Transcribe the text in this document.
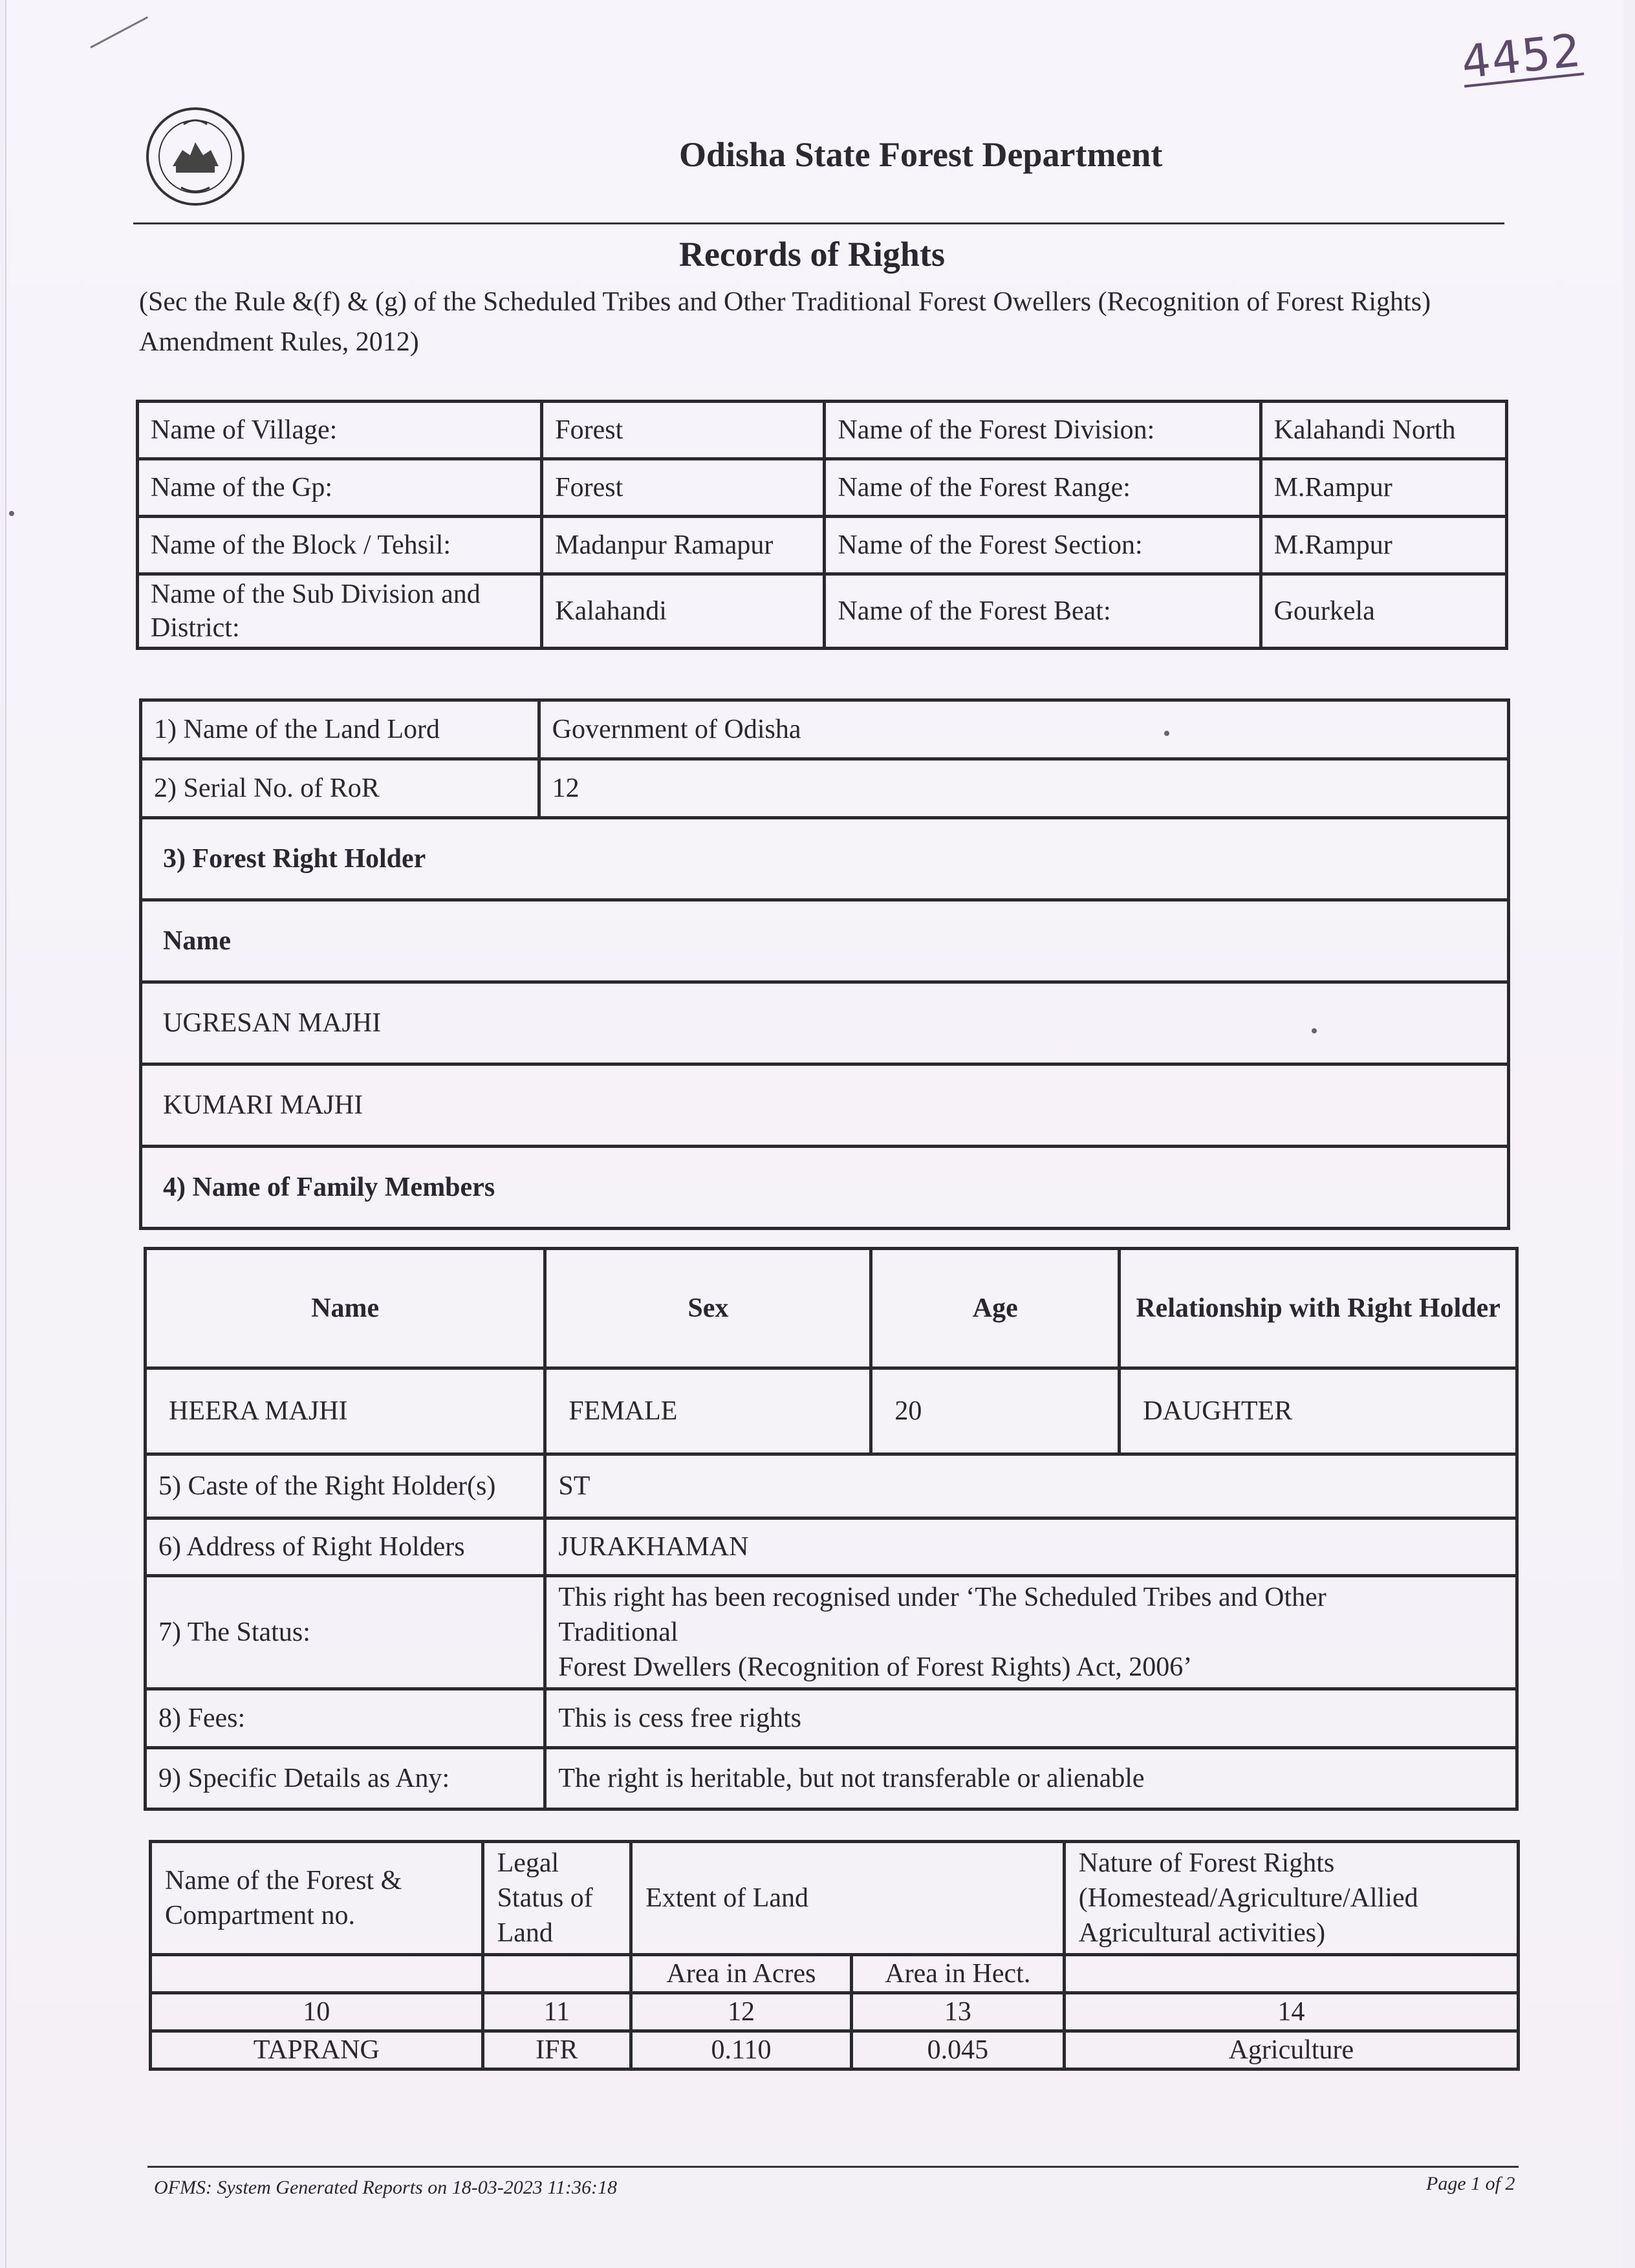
4452
Odisha State Forest Department
Records of Rights
(Sec the Rule &(f) & (g) of the Scheduled Tribes and Other Traditional Forest Owellers (Recognition of Forest Rights) Amendment Rules, 2012)
Name of Village:	Forest	Name of the Forest Division:	Kalahandi North
Name of the Gp:	Forest	Name of the Forest Range:	M.Rampur
Name of the Block / Tehsil:	Madanpur Ramapur	Name of the Forest Section:	M.Rampur
Name of the Sub Division and District:	Kalahandi	Name of the Forest Beat:	Gourkela
1) Name of the Land Lord	Government of Odisha
2) Serial No. of RoR	12
3) Forest Right Holder	
Name	
UGRESAN MAJHI	
KUMARI MAJHI	
4) Name of Family Members	
Name	Sex	Age	Relationship with Right Holder
HEERA MAJHI	FEMALE	20	DAUGHTER
5) Caste of the Right Holder(s)	ST		
6) Address of Right Holders	JURAKHAMAN		
7) The Status:	This right has been recognised under ‘The Scheduled Tribes and Other
Traditional
Forest Dwellers (Recognition of Forest Rights) Act, 2006’		

8) Fees:	This is cess free rights		
9) Specific Details as Any:	The right is heritable, but not transferable or alienable		
Name of the Forest & Compartment no.	Legal Status of Land	Extent of Land		Nature of Forest Rights (Homestead/Agriculture/Allied Agricultural activities)
		Area in Acres	Area in Hect.	
10	11	12	13	14
TAPRANG	IFR	0.110	0.045	Agriculture
OFMS: System Generated Reports on 18-03-2023 11:36:18	Page 1 of 2
